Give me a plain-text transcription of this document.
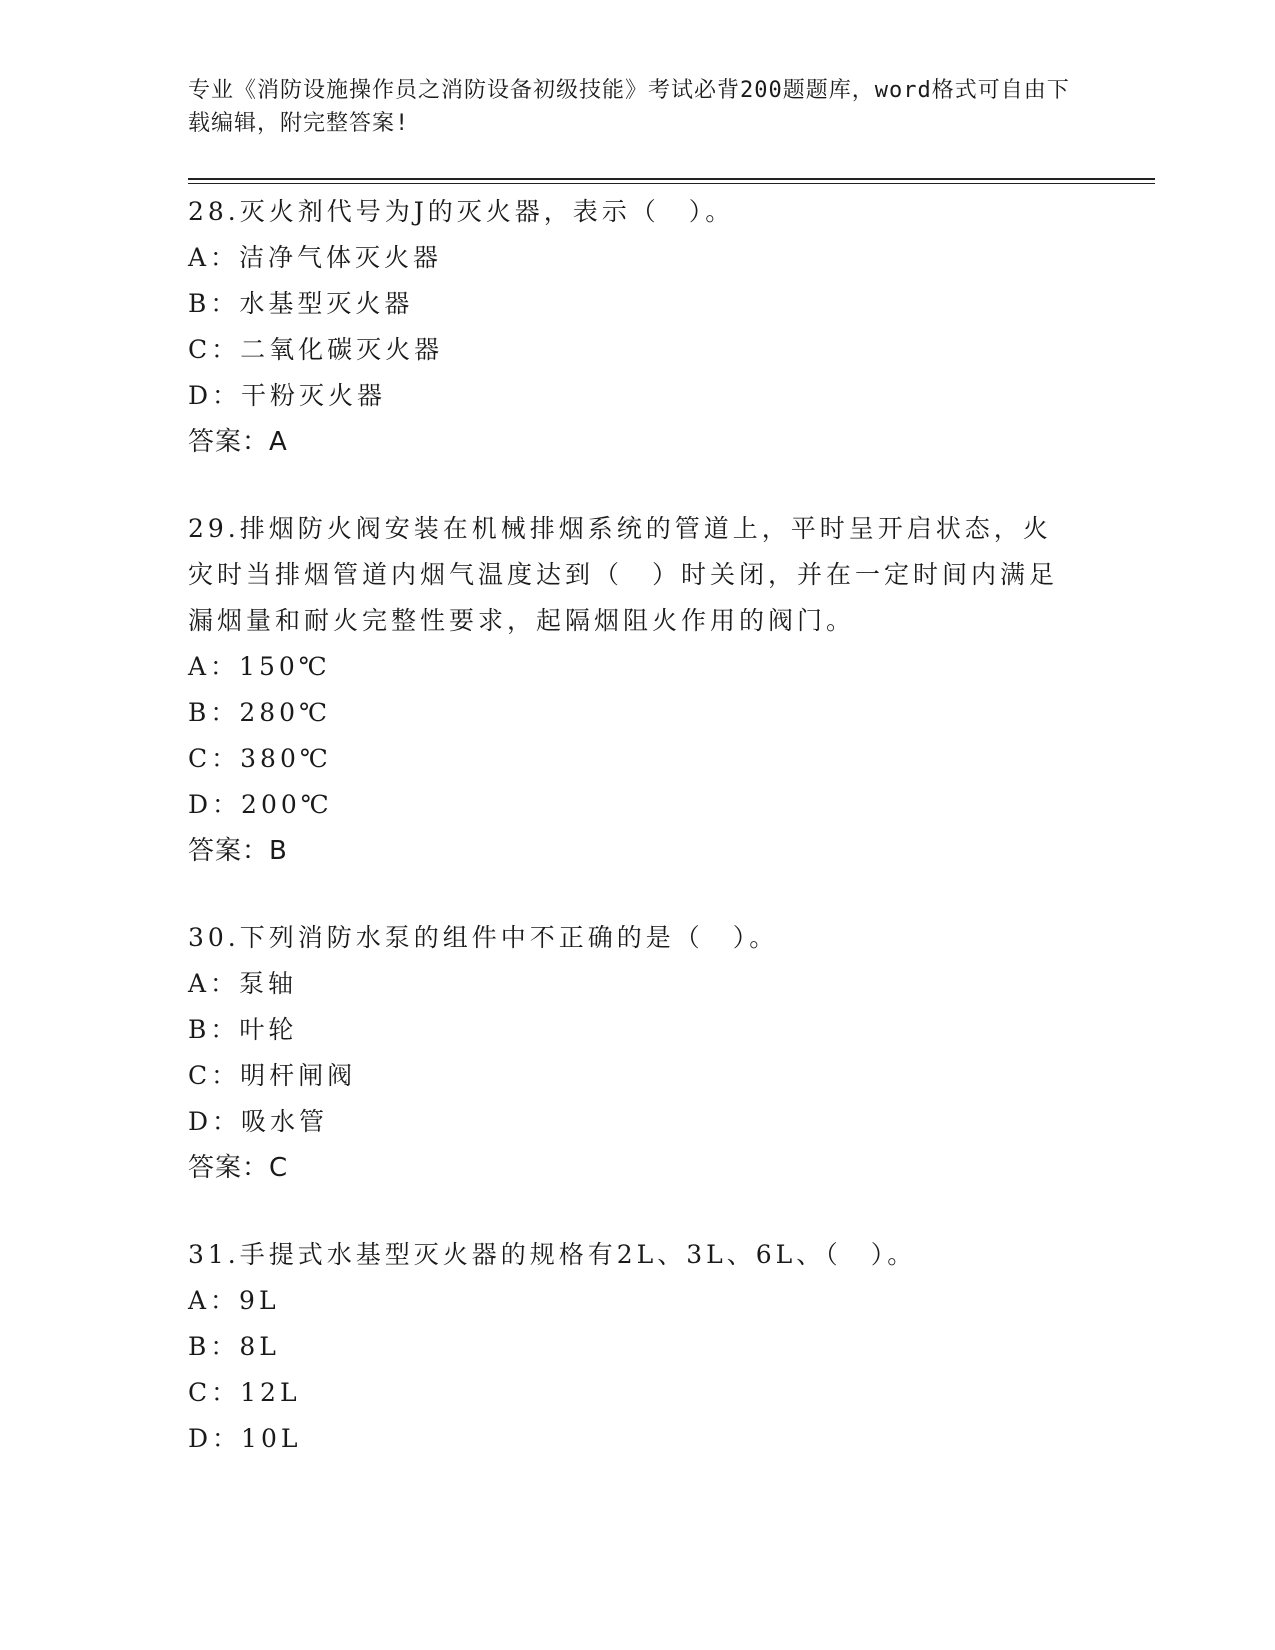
专业《消防设施操作员之消防设备初级技能》考试必背200题题库，word格式可自由下载编辑，附完整答案!
28.灭火剂代号为J的灭火器，表示（　）。
A：洁净气体灭火器
B：水基型灭火器
C：二氧化碳灭火器
D：干粉灭火器
答案：A
29.排烟防火阀安装在机械排烟系统的管道上，平时呈开启状态，火灾时当排烟管道内烟气温度达到（　）时关闭，并在一定时间内满足漏烟量和耐火完整性要求，起隔烟阻火作用的阀门。
A：150℃
B：280℃
C：380℃
D：200℃
答案：B
30.下列消防水泵的组件中不正确的是（　）。
A：泵轴
B：叶轮
C：明杆闸阀
D：吸水管
答案：C
31.手提式水基型灭火器的规格有2L、3L、6L、（　）。
A：9L
B：8L
C：12L
D：10L
